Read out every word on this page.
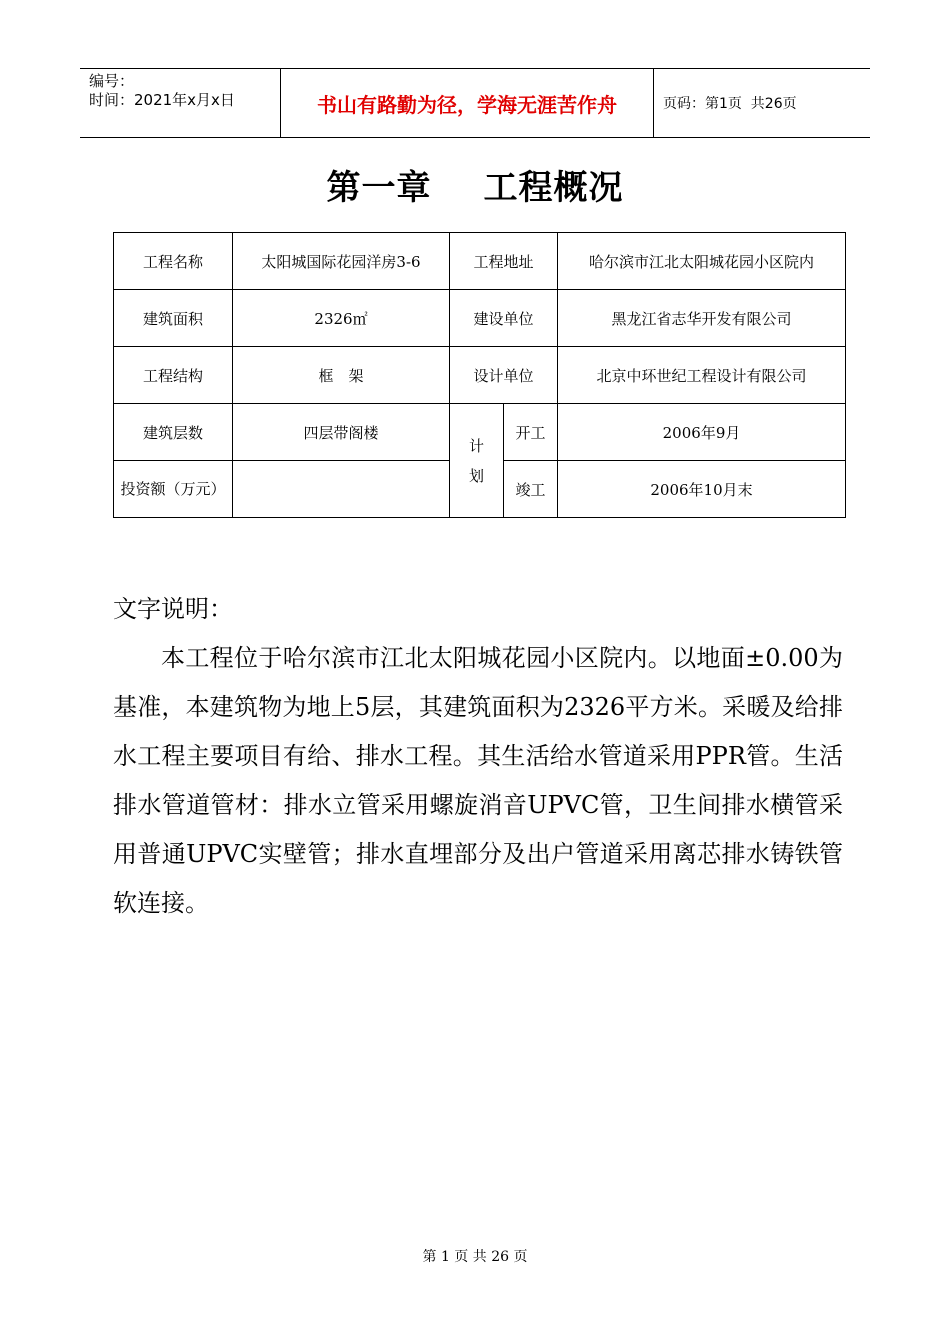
编号：
时间：2021年x月x日	书山有路勤为径，学海无涯苦作舟	页码：第1页  共26页
第一章 工程概况
工程名称	太阳城国际花园洋房3-6	工程地址		哈尔滨市江北太阳城花园小区院内
建筑面积	2326㎡	建设单位		黑龙江省志华开发有限公司
工程结构	框　架	设计单位		北京中环世纪工程设计有限公司
建筑层数	四层带阁楼	计划	开工	2006年9月
投资额（万元）			竣工	2006年10月末

文字说明：

本工程位于哈尔滨市江北太阳城花园小区院内。以地面±0.00为基准，本建筑物为地上5层，其建筑面积为2326平方米。采暖及给排水工程主要项目有给、排水工程。其生活给水管道采用PPR管。生活排水管道管材：排水立管采用螺旋消音UPVC管，卫生间排水横管采用普通UPVC实壁管；排水直埋部分及出户管道采用离芯排水铸铁管软连接。

第 1 页 共 26 页
